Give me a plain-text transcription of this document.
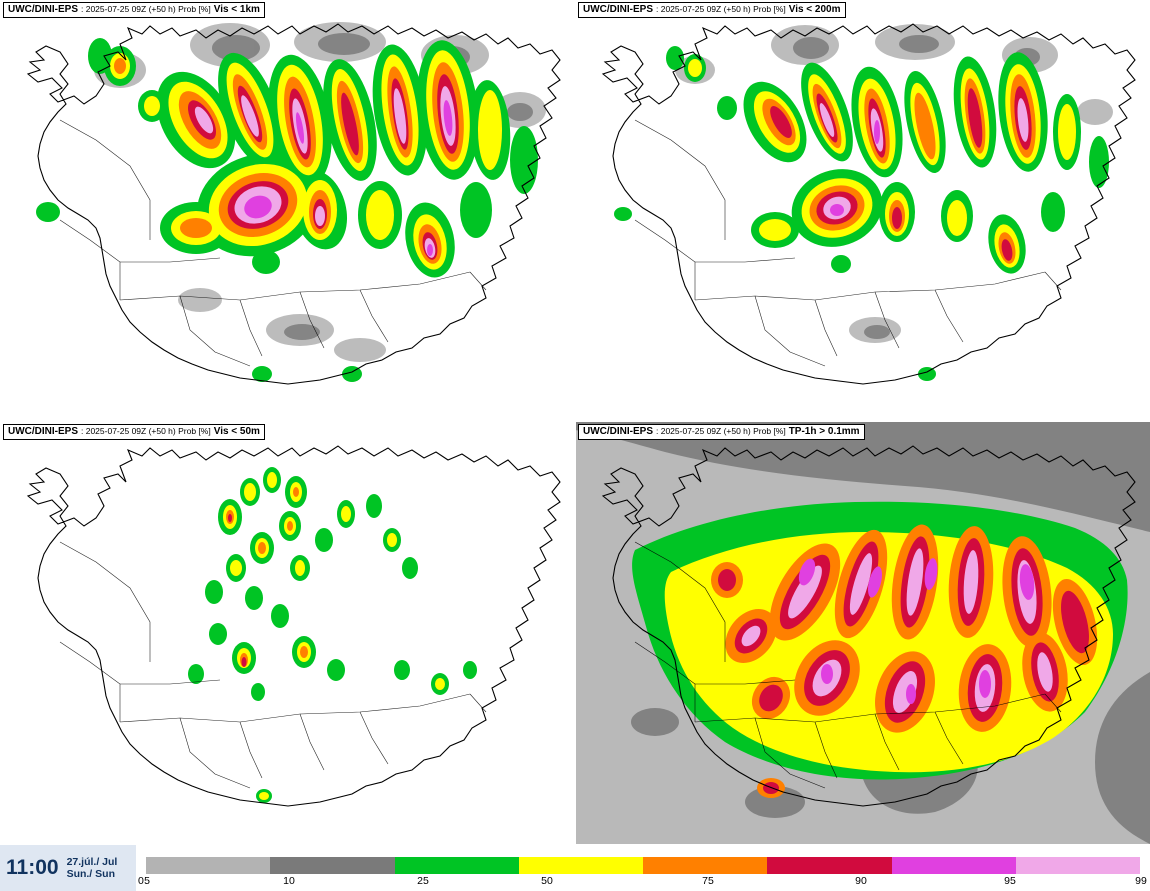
UWC/DINI-EPS : 2025-07-25 09Z (+50 h) Prob [%] Vis < 1km	UWC/DINI-EPS : 2025-07-25 09Z (+50 h) Prob [%] Vis < 200m
UWC/DINI-EPS : 2025-07-25 09Z (+50 h) Prob [%] Vis < 50m	UWC/DINI-EPS : 2025-07-25 09Z (+50 h) Prob [%] TP-1h > 0.1mm
11:00 27.júl./ Jul
Sun./ Sun
0 5	10	25	50	75	90	95	99
